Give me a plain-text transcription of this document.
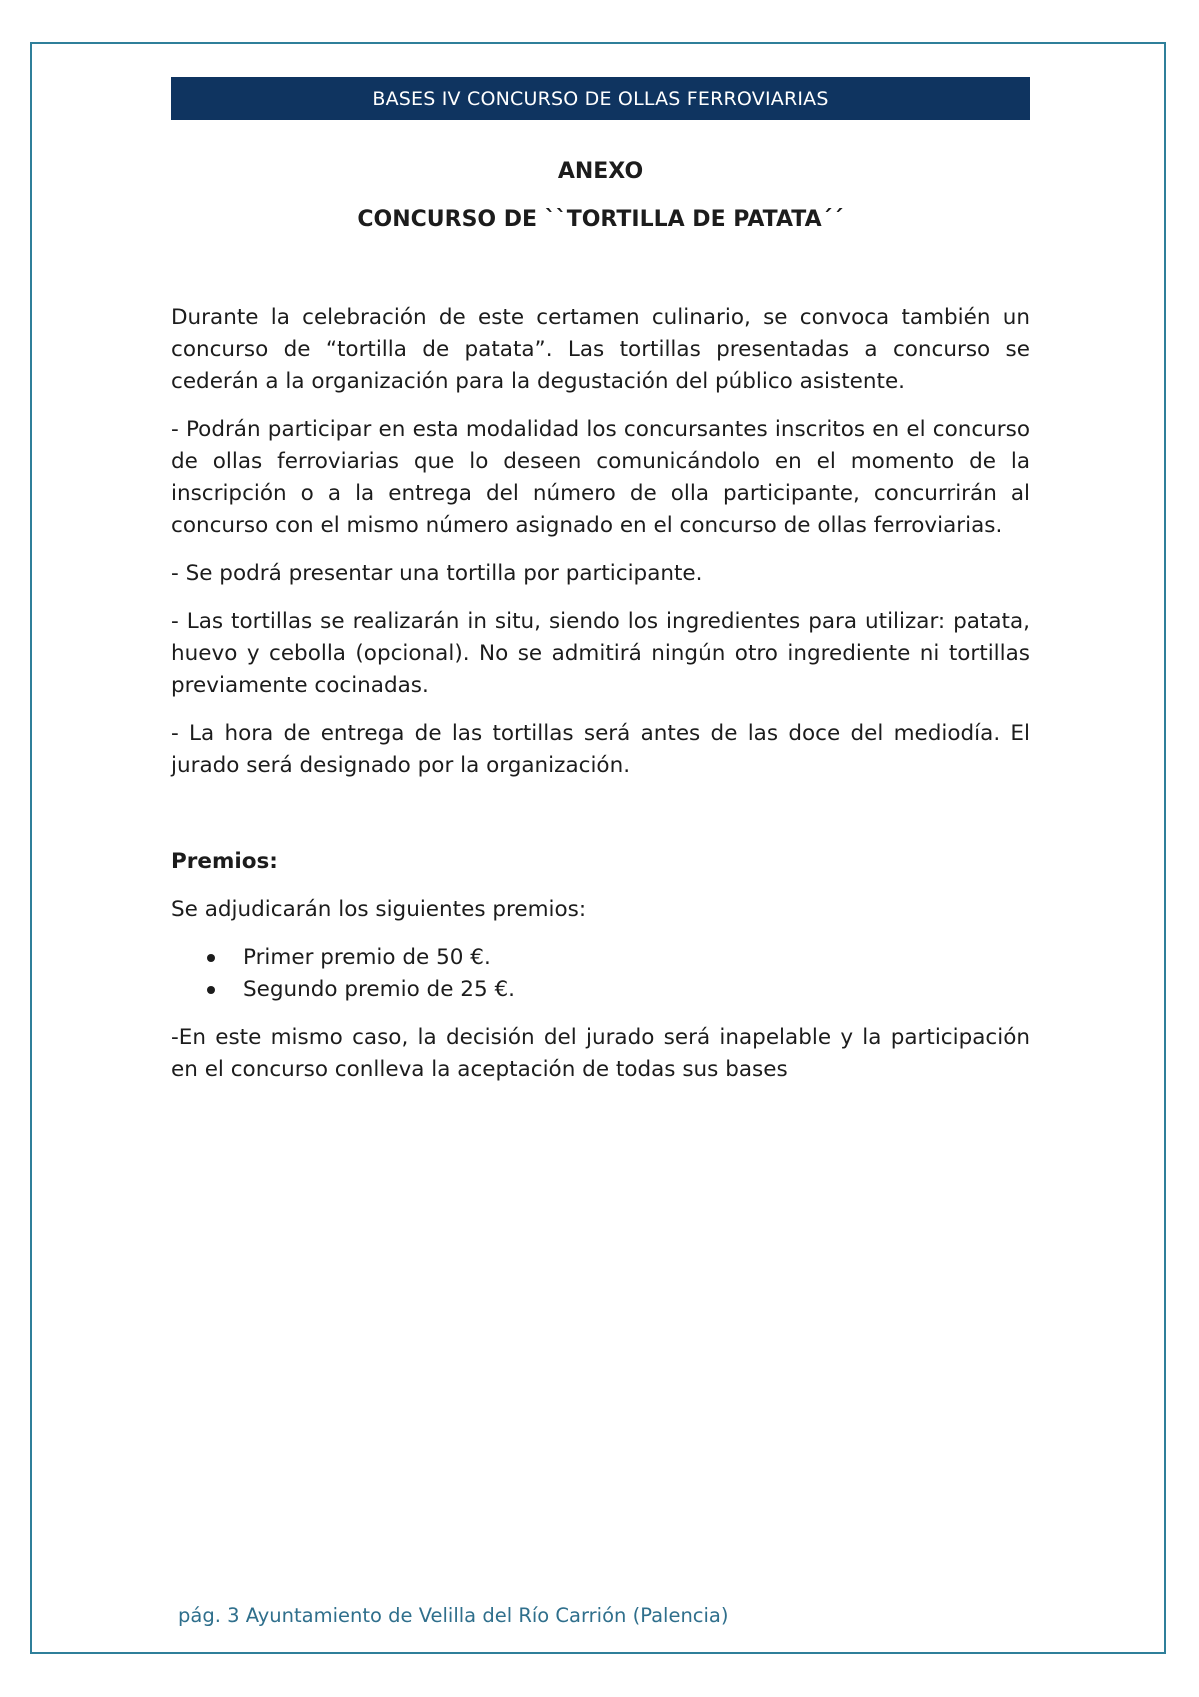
BASES IV CONCURSO DE OLLAS FERROVIARIAS

ANEXO

CONCURSO DE ``TORTILLA DE PATATA´´

Durante la celebración de este certamen culinario, se convoca también un concurso de “tortilla de patata”. Las tortillas presentadas a concurso se cederán a la organización para la degustación del público asistente.

- Podrán participar en esta modalidad los concursantes inscritos en el concurso de ollas ferroviarias que lo deseen comunicándolo en el momento de la inscripción o a la entrega del número de olla participante, concurrirán al concurso con el mismo número asignado en el concurso de ollas ferroviarias.

- Se podrá presentar una tortilla por participante.

- Las tortillas se realizarán in situ, siendo los ingredientes para utilizar: patata, huevo y cebolla (opcional). No se admitirá ningún otro ingrediente ni tortillas previamente cocinadas.

- La hora de entrega de las tortillas será antes de las doce del mediodía. El jurado será designado por la organización.

Premios:

Se adjudicarán los siguientes premios:

Primer premio de 50 €.
Segundo premio de 25 €.

-En este mismo caso, la decisión del jurado será inapelable y la participación en el concurso conlleva la aceptación de todas sus bases

pág. 3 Ayuntamiento de Velilla del Río Carrión (Palencia)
